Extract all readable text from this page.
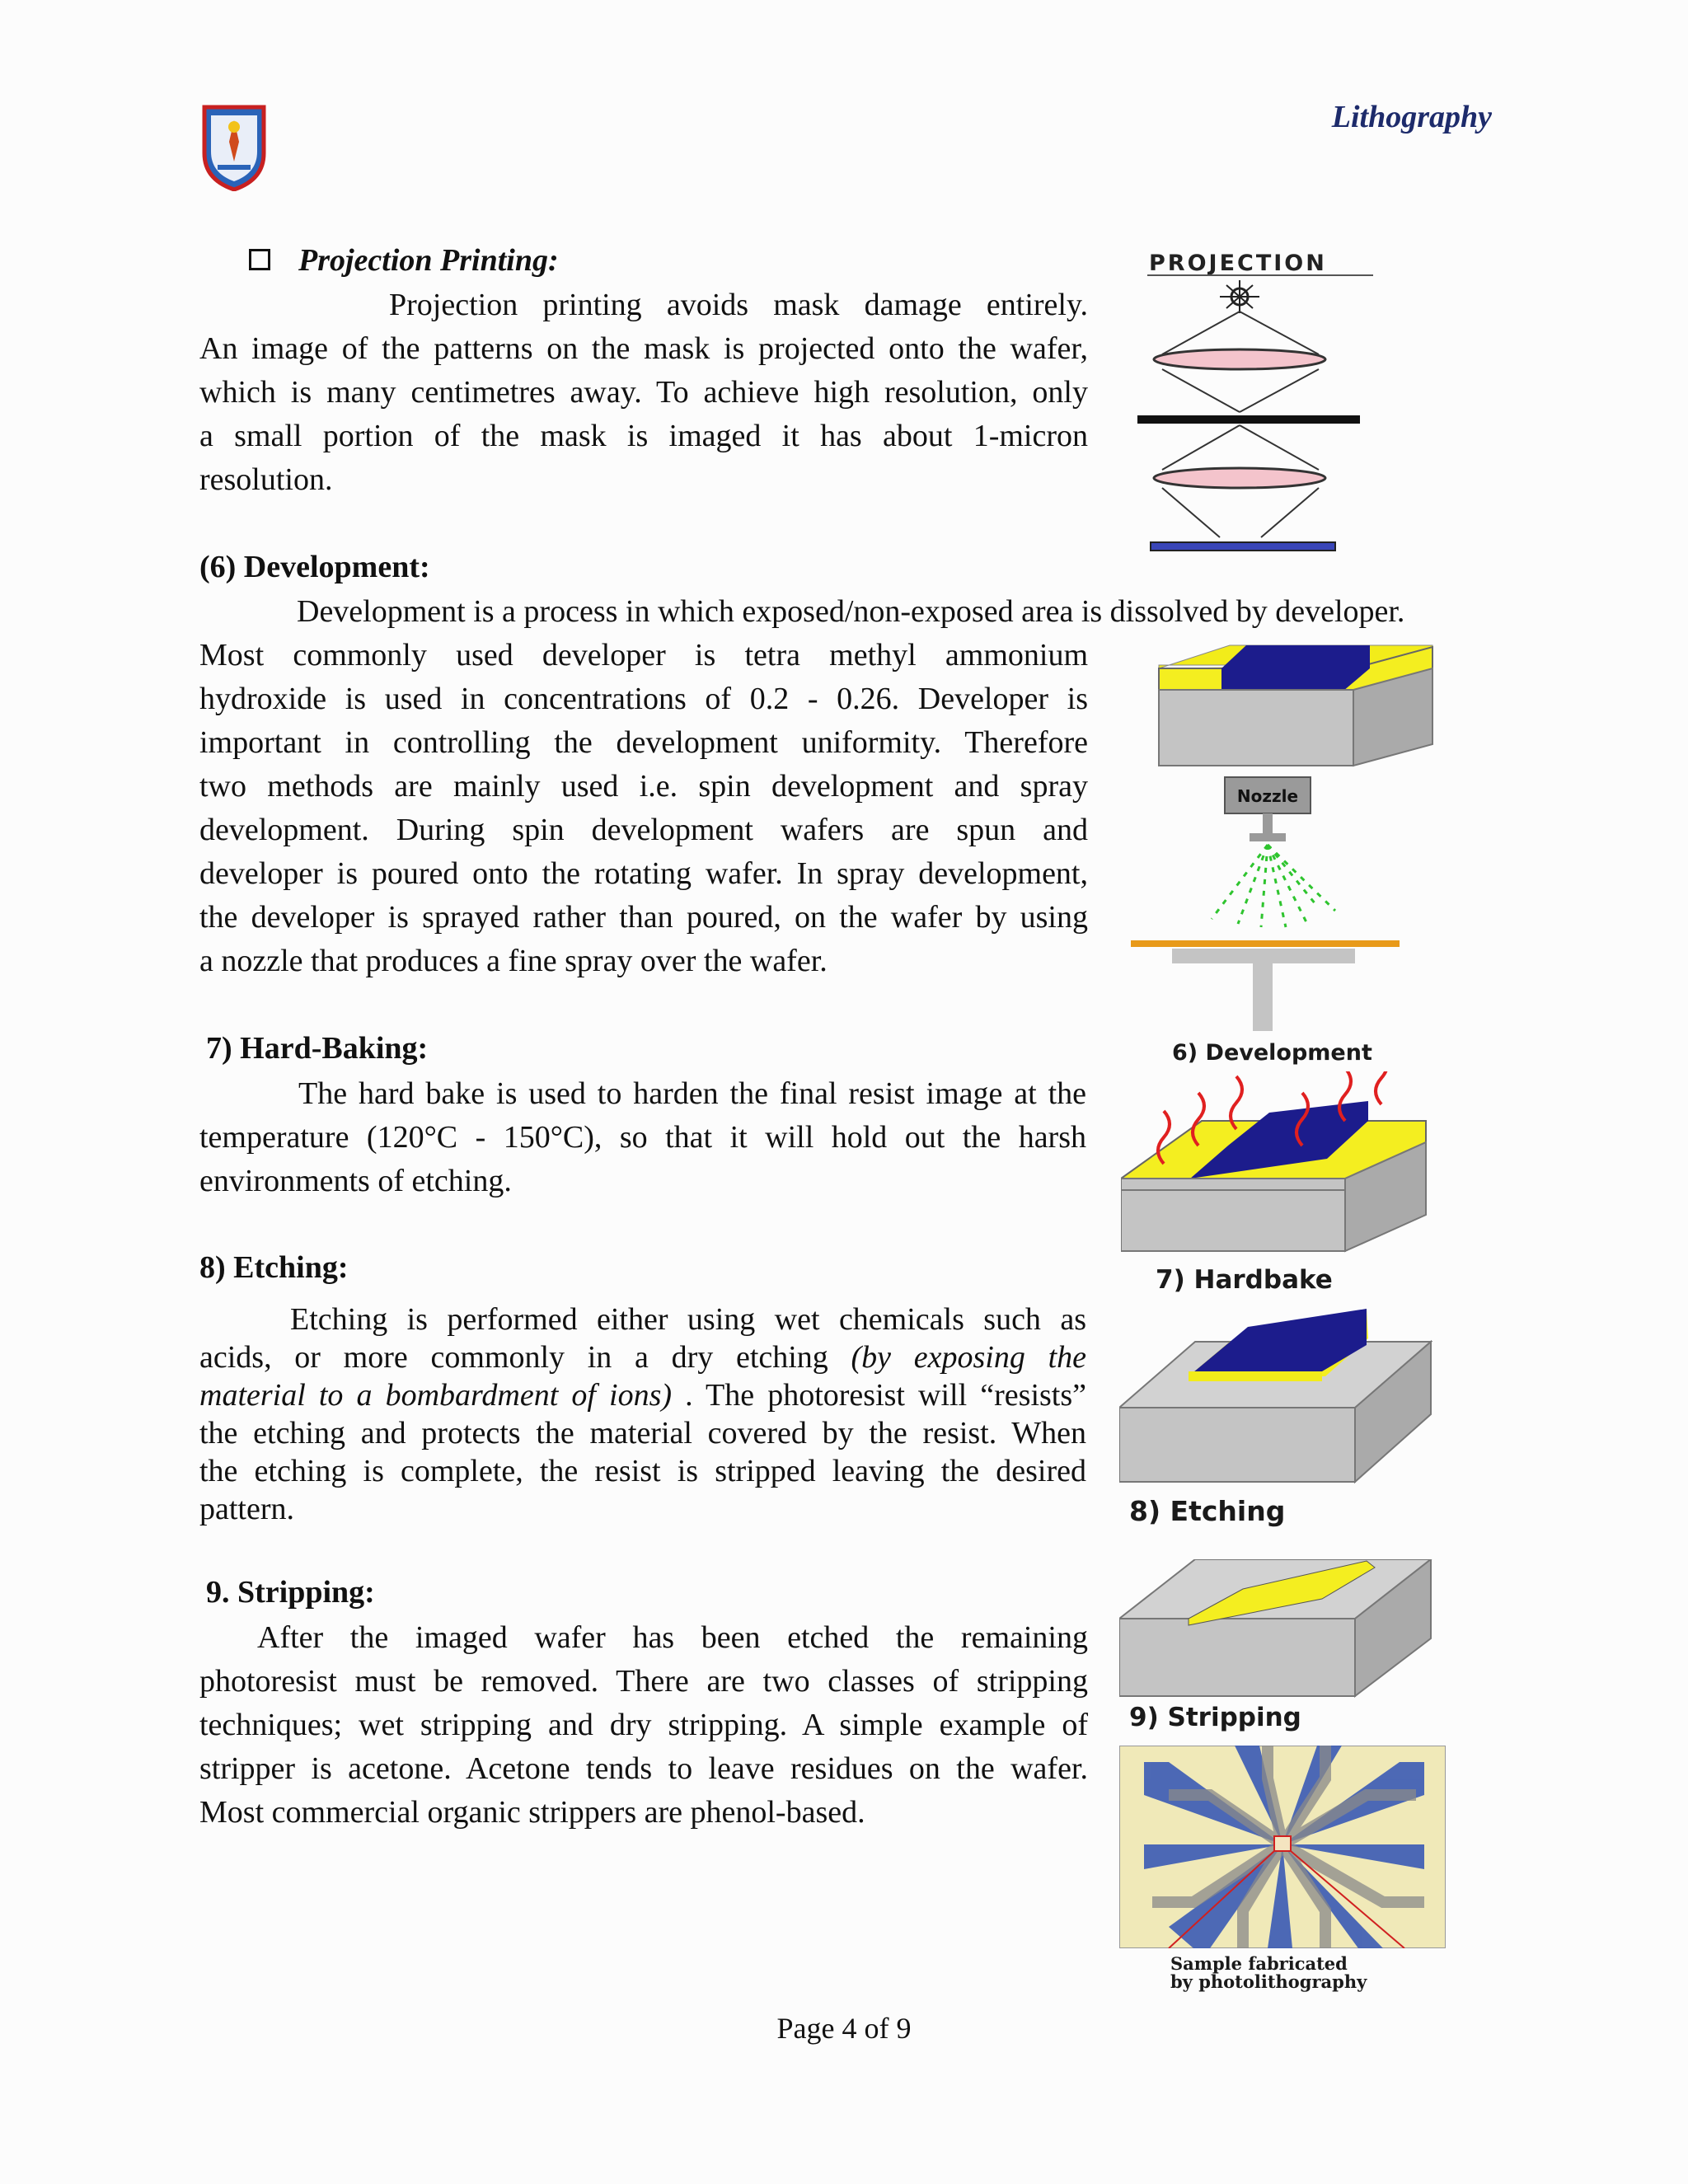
Lithography
Projection Printing:
Projection printing avoids mask damage entirely.
An image of the patterns on the mask is projected onto the wafer,
which is many centimetres away. To achieve high resolution, only
a small portion of the mask is imaged it has about 1-micron
resolution.
PROJECTION
(6) Development:
Development is a process in which exposed/non-exposed area is dissolved by developer.
Most commonly used developer is tetra methyl ammonium
hydroxide is used in concentrations of 0.2 - 0.26. Developer is
important in controlling the development uniformity. Therefore
two methods are mainly used i.e. spin development and spray
development. During spin development wafers are spun and
developer is poured onto the rotating wafer. In spray development,
the developer is sprayed rather than poured, on the wafer by using
a nozzle that produces a fine spray over the wafer.
Nozzle
6) Development
7) Hard-Baking:
The hard bake is used to harden the final resist image at the
temperature (120°C - 150°C), so that it will hold out the harsh
environments of etching.
7) Hardbake
8) Etching:
Etching is performed either using wet chemicals such as
acids, or more commonly in a dry etching (by exposing the
material to a bombardment of ions) . The photoresist will “resists”
the etching and protects the material covered by the resist. When
the etching is complete, the resist is stripped leaving the desired
pattern.	8) Etching
9. Stripping:
After the imaged wafer has been etched the remaining
photoresist must be removed. There are two classes of stripping
techniques; wet stripping and dry stripping. A simple example of
stripper is acetone. Acetone tends to leave residues on the wafer.
Most commercial organic strippers are phenol-based.
9) Stripping
Sample fabricated
by photolithography
Page 4 of 9
